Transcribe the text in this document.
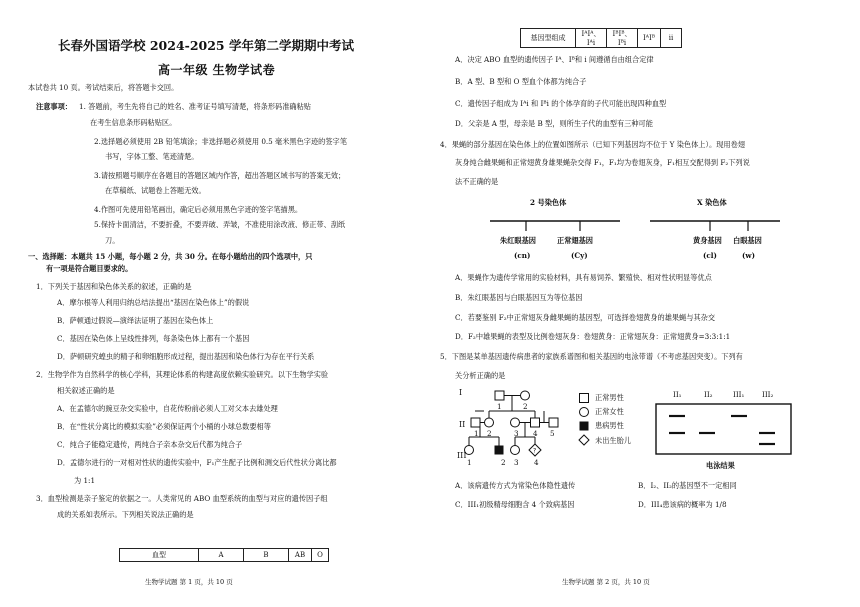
长春外国语学校 2024-2025 学年第二学期期中考试
高一年级 生物学试卷
本试卷共 10 页。考试结束后，将答题卡交回。
注意事项： 1. 答题前，考生先将自己的姓名、准考证号填写清楚，将条形码准确粘贴
在考生信息条形码粘贴区。
2.选择题必须使用 2B 铅笔填涂；非选择题必须使用 0.5 毫米黑色字迹的签字笔
书写，字体工整、笔迹清楚。
3.请按照题号顺序在各题目的答题区域内作答，超出答题区域书写的答案无效；
在草稿纸、试题卷上答题无效。
4.作图可先使用铅笔画出，确定后必须用黑色字迹的签字笔描黑。
5.保持卡面清洁，不要折叠，不要弄破、弄皱，不准使用涂改液、修正带、刮纸
刀。
一、选择题：本题共 15 小题，每小题 2 分，共 30 分。在每小题给出的四个选项中，只
有一项是符合题目要求的。
1．下列关于基因和染色体关系的叙述，正确的是
A．摩尔根等人利用归纳总结法提出“基因在染色体上”的假说
B．萨顿通过假说—演绎法证明了基因在染色体上
C．基因在染色体上呈线性排列，每条染色体上都有一个基因
D．萨顿研究蝗虫的精子和卵细胞形成过程，提出基因和染色体行为存在平行关系
2．生物学作为自然科学的核心学科，其理论体系的构建高度依赖实验研究。以下生物学实验
相关叙述正确的是
A．在孟德尔的豌豆杂交实验中，自花传粉前必须人工对父本去雄处理
B．在“性状分离比的模拟实验”必须保证两个小桶的小球总数要相等
C．纯合子能稳定遗传，两纯合子亲本杂交后代都为纯合子
D．孟德尔进行的一对相对性状的遗传实验中，F₁产生配子比例和测交后代性状分离比都
为 1:1
3．血型检测是亲子鉴定的依据之一。人类常见的 ABO 血型系统的血型与对应的遗传因子组
成的关系如表所示。下列相关说法正确的是
血型	A	B	AB	O
生物学试题 第 1 页，共 10 页
基因型组成	IᴬIᴬ、Iᴬi	IᴮIᴮ、Iᴮi	IᴬIᴮ	ii
A．决定 ABO 血型的遗传因子 Iᴬ、Iᴮ和 i 间遵循自由组合定律
B．A 型、B 型和 O 型血个体都为纯合子
C．遗传因子组成为 Iᴬi 和 Iᴮi 的个体孕育的子代可能出现四种血型
D．父亲是 A 型，母亲是 B 型，则所生子代的血型有三种可能
4．果蝇的部分基因在染色体上的位置如图所示（已知下列基因均不位于 Y 染色体上）。现用卷翅
灰身纯合雌果蝇和正常翅黄身雄果蝇杂交得 F₁，F₁均为卷翅灰身，F₁相互交配得到 F₂下列说
法不正确的是
2 号染色体	X 染色体
朱红眼基因
(cn)
正常翅基因
(Cy)
黄身基因
(cl)
白眼基因
(w)
A．果蝇作为遗传学常用的实验材料，具有易饲养、繁殖快、相对性状明显等优点
B．朱红眼基因与白眼基因互为等位基因
C．若要鉴别 F₂中正常翅灰身雌果蝇的基因型，可选择卷翅黄身的雄果蝇与其杂交
D．F₂中雄果蝇的表型及比例卷翅灰身：卷翅黄身：正常翅灰身：正常翅黄身=3:3:1:1
5．下图是某单基因遗传病患者的家族系谱图和相关基因的电泳带谱（不考虑基因突变）。下列有
关分析正确的是
?
I
II
III
1	2
1 2	3 4 5
1	2 3 4
正常男性
正常女性
患病男性
未出生胎儿
II₁	II₂	III₁ III₂
电泳结果
A．该病遗传方式为常染色体隐性遗传	B．I₂、II₂的基因型不一定相同
C．III₁初级精母细胞含 4 个致病基因	D．III₄患该病的概率为 1/8
生物学试题 第 2 页，共 10 页
